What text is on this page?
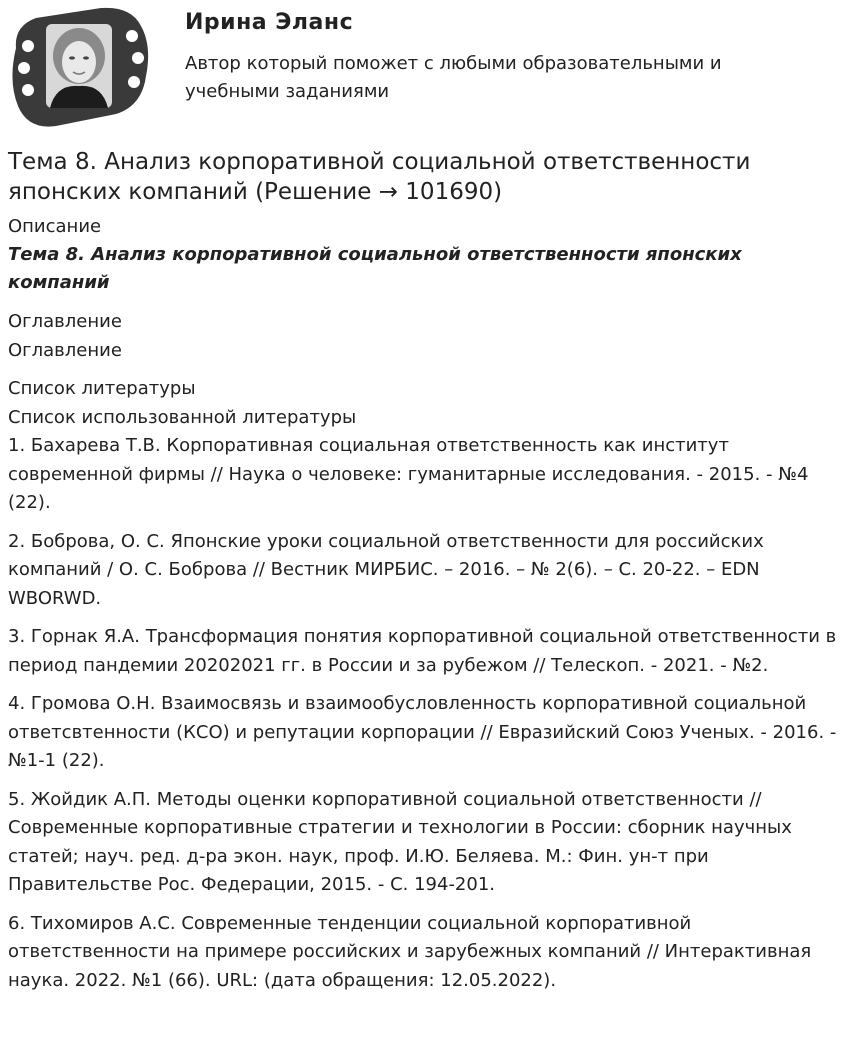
Ирина Эланс
Автор который поможет с любыми образовательными и учебными заданиями
Тема 8. Анализ корпоративной социальной ответственности японских компаний (Решение → 101690)
Описание
Тема 8. Анализ корпоративной социальной ответственности японских компаний
Оглавление
Оглавление
Список литературы
Список использованной литературы
1. Бахарева Т.В. Корпоративная социальная ответственность как институт современной фирмы // Наука о человеке: гуманитарные исследования. - 2015. - №4 (22).
2. Боброва, О. С. Японские уроки социальной ответственности для российских компаний / О. С. Боброва // Вестник МИРБИС. – 2016. – № 2(6). – С. 20-22. – EDN WBORWD.
3. Горнак Я.А. Трансформация понятия корпоративной социальной ответственности в период пандемии 20202021 гг. в России и за рубежом // Телескоп. - 2021. - №2.
4. Громова О.Н. Взаимосвязь и взаимообусловленность корпоративной социальной ответсвтенности (КСО) и репутации корпорации // Евразийский Союз Ученых. - 2016. - №1-1 (22).
5. Жойдик А.П. Методы оценки корпоративной социальной ответственности // Современные корпоративные стратегии и технологии в России: сборник научных статей; науч. ред. д-ра экон. наук, проф. И.Ю. Беляева. М.: Фин. ун-т при Правительстве Рос. Федерации, 2015. - С. 194-201.
6. Тихомиров А.С. Современные тенденции социальной корпоративной ответственности на примере российских и зарубежных компаний // Интерактивная наука. 2022. №1 (66). URL: (дата обращения: 12.05.2022).
